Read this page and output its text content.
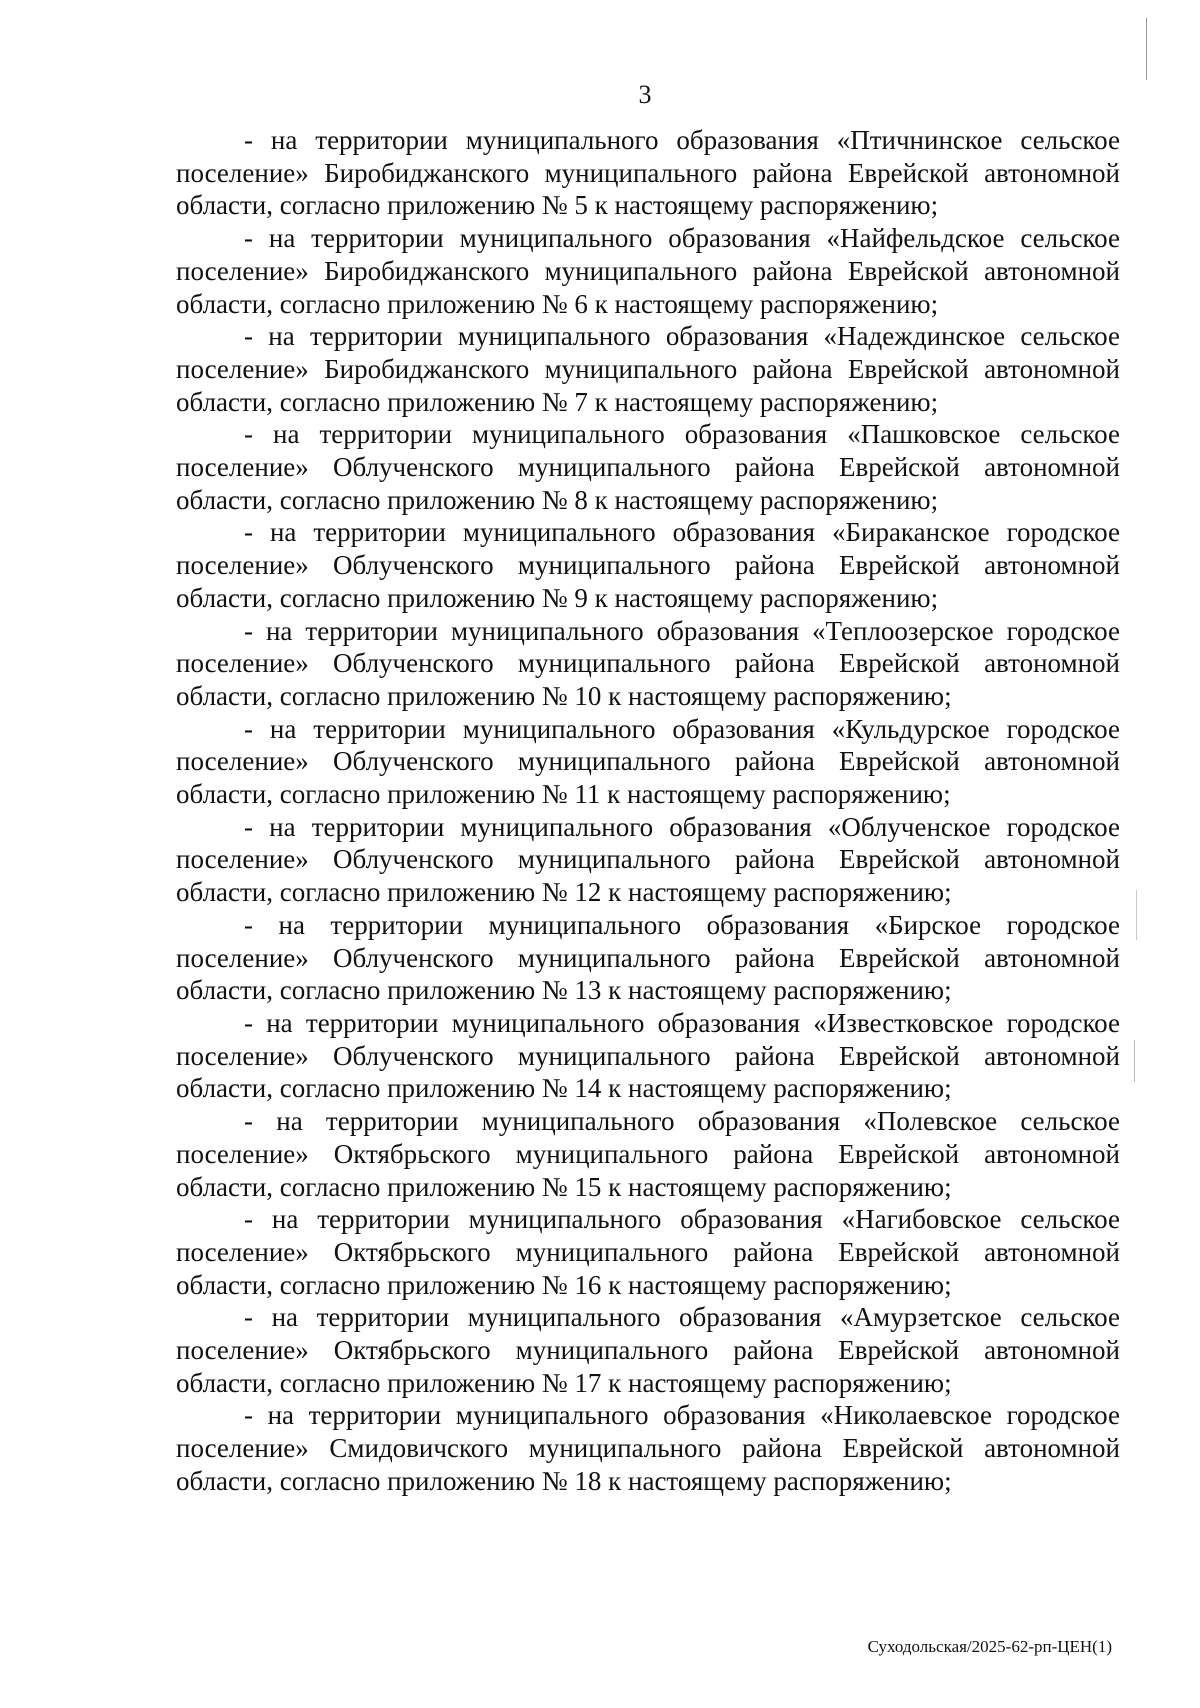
3

- на территории муниципального образования «Птичнинское сельское поселение» Биробиджанского муниципального района Еврейской автономной области, согласно приложению № 5 к настоящему распоряжению;

- на территории муниципального образования «Найфельдское сельское поселение» Биробиджанского муниципального района Еврейской автономной области, согласно приложению № 6 к настоящему распоряжению;

- на территории муниципального образования «Надеждинское сельское поселение» Биробиджанского муниципального района Еврейской автономной области, согласно приложению № 7 к настоящему распоряжению;

- на территории муниципального образования «Пашковское сельское поселение» Облученского муниципального района Еврейской автономной области, согласно приложению № 8 к настоящему распоряжению;

- на территории муниципального образования «Бираканское городское поселение» Облученского муниципального района Еврейской автономной области, согласно приложению № 9 к настоящему распоряжению;

- на территории муниципального образования «Теплоозерское городское поселение» Облученского муниципального района Еврейской автономной области, согласно приложению № 10 к настоящему распоряжению;

- на территории муниципального образования «Кульдурское городское поселение» Облученского муниципального района Еврейской автономной области, согласно приложению № 11 к настоящему распоряжению;

- на территории муниципального образования «Облученское городское поселение» Облученского муниципального района Еврейской автономной области, согласно приложению № 12 к настоящему распоряжению;

- на территории муниципального образования «Бирское городское поселение» Облученского муниципального района Еврейской автономной области, согласно приложению № 13 к настоящему распоряжению;

- на территории муниципального образования «Известковское городское поселение» Облученского муниципального района Еврейской автономной области, согласно приложению № 14 к настоящему распоряжению;

- на территории муниципального образования «Полевское сельское поселение» Октябрьского муниципального района Еврейской автономной области, согласно приложению № 15 к настоящему распоряжению;

- на территории муниципального образования «Нагибовское сельское поселение» Октябрьского муниципального района Еврейской автономной области, согласно приложению № 16 к настоящему распоряжению;

- на территории муниципального образования «Амурзетское сельское поселение» Октябрьского муниципального района Еврейской автономной области, согласно приложению № 17 к настоящему распоряжению;

- на территории муниципального образования «Николаевское городское поселение» Смидовичского муниципального района Еврейской автономной области, согласно приложению № 18 к настоящему распоряжению;

Суходольская/2025-62-рп-ЦЕН(1)
